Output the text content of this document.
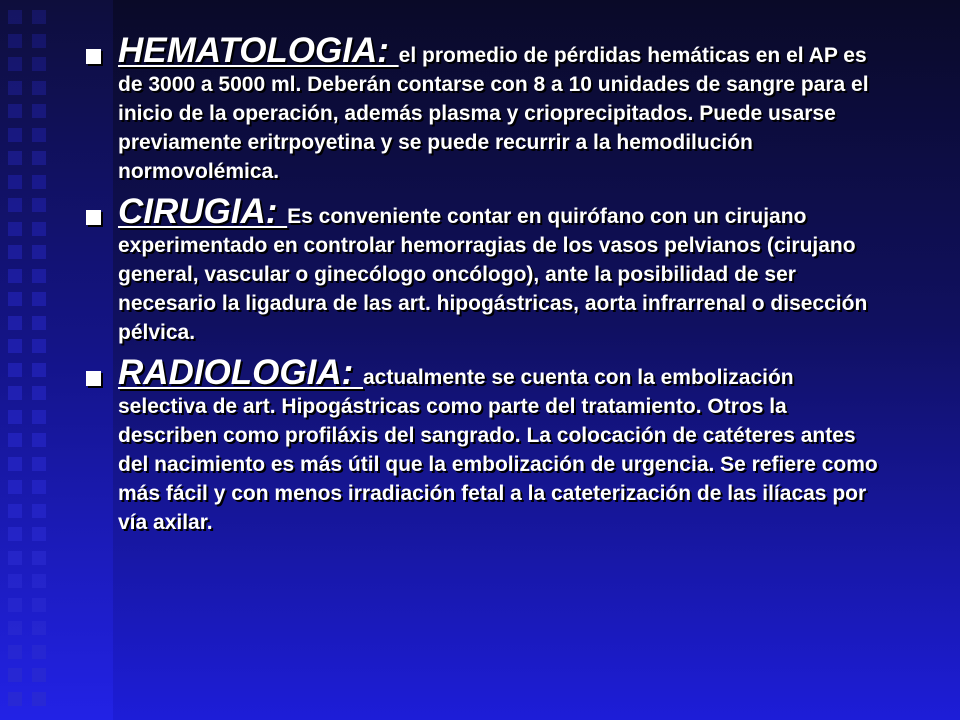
HEMATOLOGIA: el promedio de pérdidas hemáticas en el AP es de 3000 a 5000 ml. Deberán contarse con 8 a 10 unidades de sangre para el inicio de la operación, además plasma y crioprecipitados. Puede usarse previamente eritrpoyetina y se puede recurrir a la hemodilución normovolémica.
CIRUGIA: Es conveniente contar en quirófano con un cirujano experimentado en controlar hemorragias de los vasos pelvianos (cirujano general, vascular o ginecólogo oncólogo), ante la posibilidad de ser necesario la ligadura de las art. hipogástricas, aorta infrarrenal o disección pélvica.
RADIOLOGIA: actualmente se cuenta con la embolización selectiva de art. Hipogástricas como parte del tratamiento. Otros la describen como profiláxis del sangrado. La colocación de catéteres antes del nacimiento es más útil que la embolización de urgencia. Se refiere como más fácil y con menos irradiación fetal a la cateterización de las ilíacas por vía axilar.
